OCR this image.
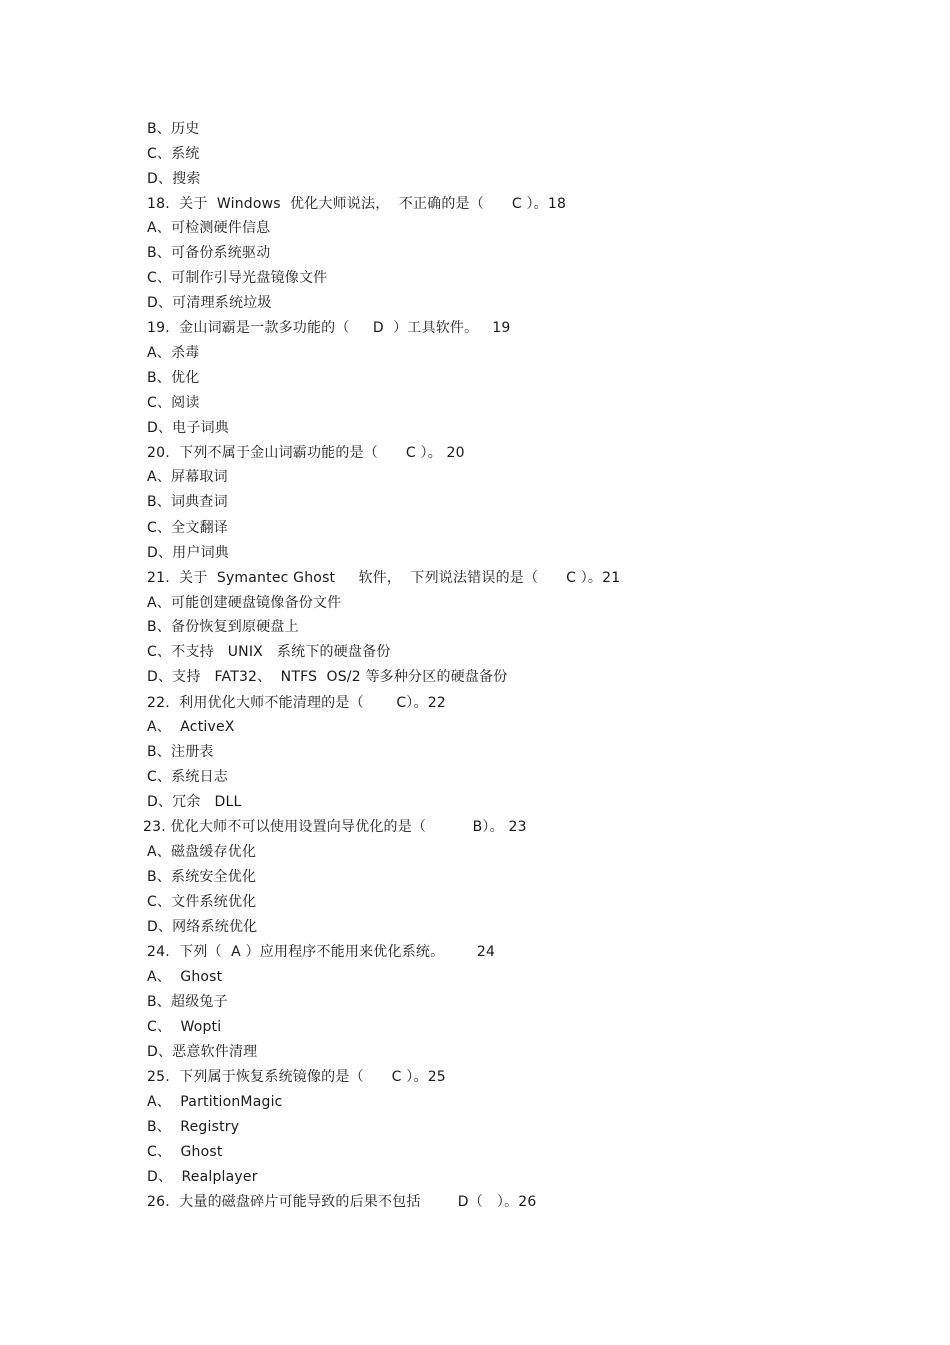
B、历史
C、系统
D、搜索
18.  关于  Windows  优化大师说法，  不正确的是（      C ）。18
A、可检测硬件信息
B、可备份系统驱动
C、可制作引导光盘镜像文件
D、可清理系统垃圾
19.  金山词霸是一款多功能的（     D  ）工具软件。   19
A、杀毒
B、优化
C、阅读
D、电子词典
20.  下列不属于金山词霸功能的是（      C ）。 20
A、屏幕取词
B、词典查词
C、全文翻译
D、用户词典
21.  关于  Symantec Ghost     软件，  下列说法错误的是（      C ）。21
A、可能创建硬盘镜像备份文件
B、备份恢复到原硬盘上
C、不支持   UNIX   系统下的硬盘备份
D、支持   FAT32、  NTFS  OS/2 等多种分区的硬盘备份
22.  利用优化大师不能清理的是（       C）。22
A、  ActiveX
B、注册表
C、系统日志
D、冗余   DLL
23. 优化大师不可以使用设置向导优化的是（          B）。 23
A、磁盘缓存优化
B、系统安全优化
C、文件系统优化
D、网络系统优化
24.  下列（  A ）应用程序不能用来优化系统。       24
A、  Ghost
B、超级兔子
C、  Wopti
D、恶意软件清理
25.  下列属于恢复系统镜像的是（      C ）。25
A、  PartitionMagic
B、  Registry
C、  Ghost
D、  Realplayer
26.  大量的磁盘碎片可能导致的后果不包括        D（   ）。26
